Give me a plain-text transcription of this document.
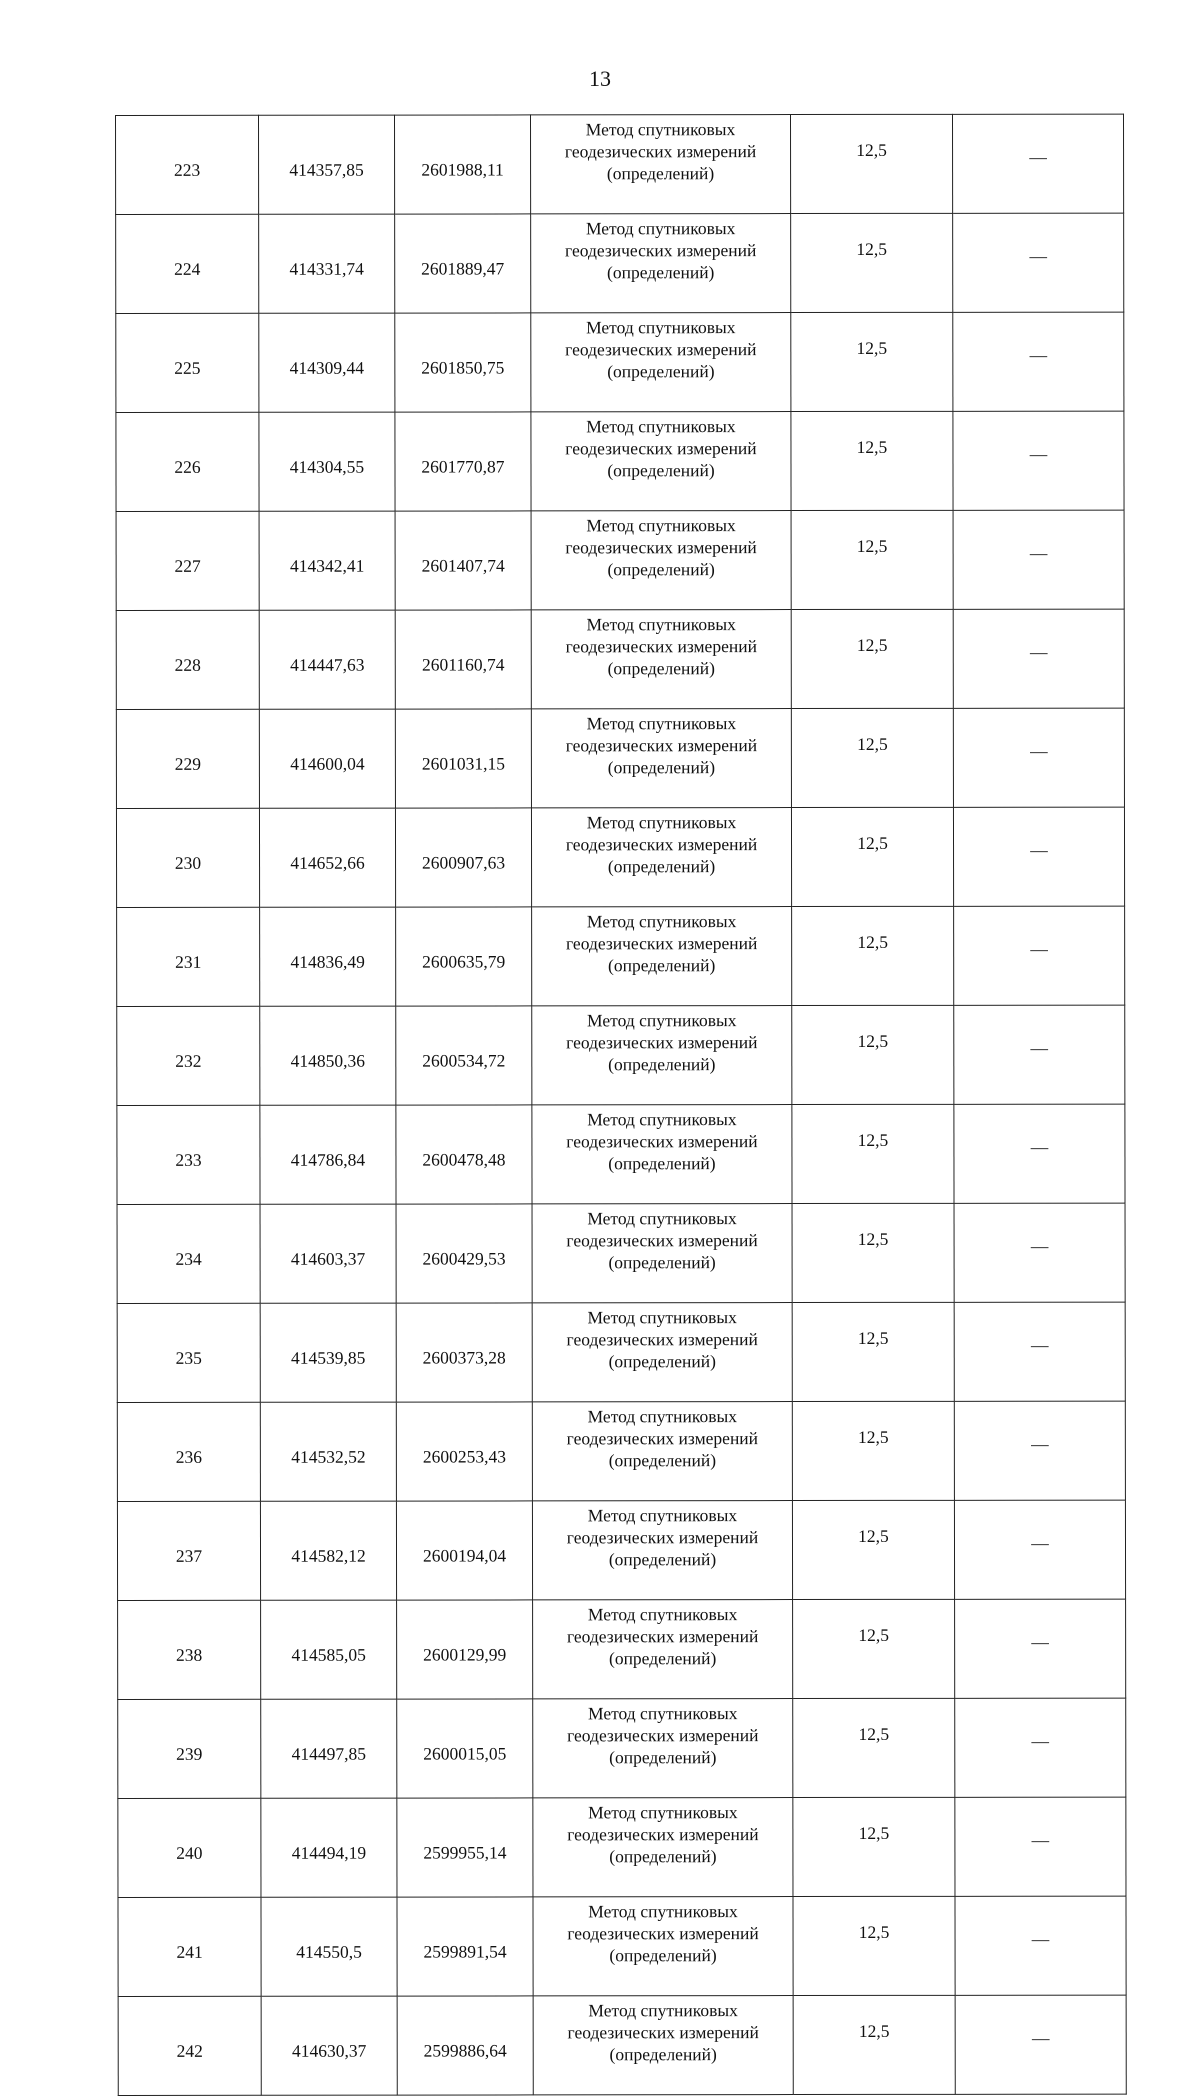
13
223	414357,85	2601988,11	Метод спутниковых
геодезических измерений
(определений)	12,5	—
224	414331,74	2601889,47	Метод спутниковых
геодезических измерений
(определений)	12,5	—
225	414309,44	2601850,75	Метод спутниковых
геодезических измерений
(определений)	12,5	—
226	414304,55	2601770,87	Метод спутниковых
геодезических измерений
(определений)	12,5	—
227	414342,41	2601407,74	Метод спутниковых
геодезических измерений
(определений)	12,5	—
228	414447,63	2601160,74	Метод спутниковых
геодезических измерений
(определений)	12,5	—
229	414600,04	2601031,15	Метод спутниковых
геодезических измерений
(определений)	12,5	—
230	414652,66	2600907,63	Метод спутниковых
геодезических измерений
(определений)	12,5	—
231	414836,49	2600635,79	Метод спутниковых
геодезических измерений
(определений)	12,5	—
232	414850,36	2600534,72	Метод спутниковых
геодезических измерений
(определений)	12,5	—
233	414786,84	2600478,48	Метод спутниковых
геодезических измерений
(определений)	12,5	—
234	414603,37	2600429,53	Метод спутниковых
геодезических измерений
(определений)	12,5	—
235	414539,85	2600373,28	Метод спутниковых
геодезических измерений
(определений)	12,5	—
236	414532,52	2600253,43	Метод спутниковых
геодезических измерений
(определений)	12,5	—
237	414582,12	2600194,04	Метод спутниковых
геодезических измерений
(определений)	12,5	—
238	414585,05	2600129,99	Метод спутниковых
геодезических измерений
(определений)	12,5	—
239	414497,85	2600015,05	Метод спутниковых
геодезических измерений
(определений)	12,5	—
240	414494,19	2599955,14	Метод спутниковых
геодезических измерений
(определений)	12,5	—
241	414550,5	2599891,54	Метод спутниковых
геодезических измерений
(определений)	12,5	—
242	414630,37	2599886,64	Метод спутниковых
геодезических измерений
(определений)	12,5	—
